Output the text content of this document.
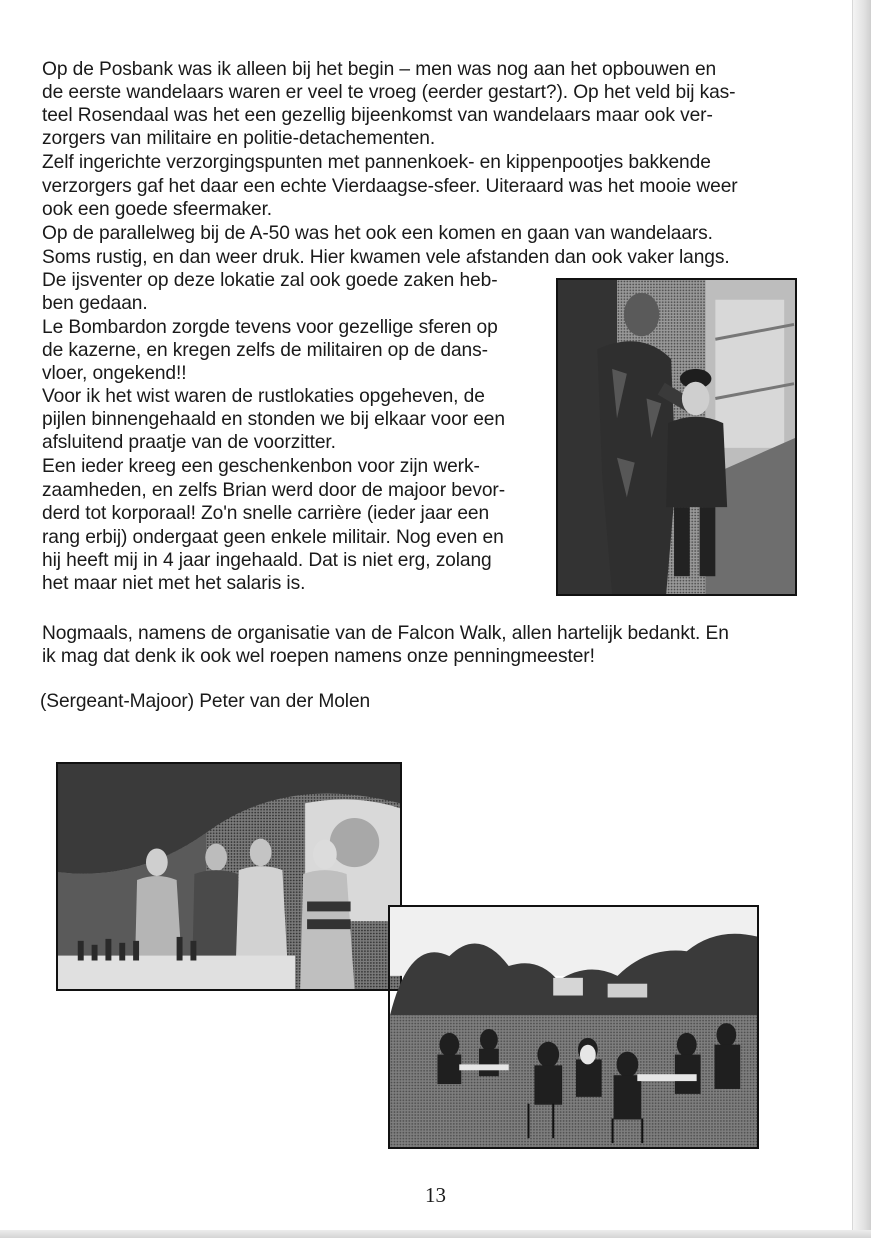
Op de Posbank was ik alleen bij het begin – men was nog aan het opbouwen en
de eerste wandelaars waren er veel te vroeg (eerder gestart?). Op het veld bij kas-
teel Rosendaal was het een gezellig bijeenkomst van wandelaars maar ook ver-
zorgers van militaire en politie-detachementen.
Zelf ingerichte verzorgingspunten met pannenkoek- en kippenpootjes bakkende
verzorgers gaf het daar een echte Vierdaagse-sfeer. Uiteraard was het mooie weer
ook een goede sfeermaker.
Op de parallelweg bij de A-50 was het ook een komen en gaan van wandelaars.
Soms rustig, en dan weer druk. Hier kwamen vele afstanden dan ook vaker langs.
De ijsventer op deze lokatie zal ook goede zaken heb-
ben gedaan.
Le Bombardon zorgde tevens voor gezellige sferen op
de kazerne, en kregen zelfs de militairen op de dans-
vloer, ongekend!!
Voor ik het wist waren de rustlokaties opgeheven, de
pijlen binnengehaald en stonden we bij elkaar voor een
afsluitend praatje van de voorzitter.
Een ieder kreeg een geschenkenbon voor zijn werk-
zaamheden, en zelfs Brian werd door de majoor bevor-
derd tot korporaal! Zo'n snelle carrière (ieder jaar een
rang erbij) ondergaat geen enkele militair. Nog even en
hij heeft mij in 4 jaar ingehaald. Dat is niet erg, zolang
het maar niet met het salaris is.
Nogmaals, namens de organisatie van de Falcon Walk, allen hartelijk bedankt. En
ik mag dat denk ik ook wel roepen namens onze penningmeester!
(Sergeant-Majoor) Peter van der Molen
13
